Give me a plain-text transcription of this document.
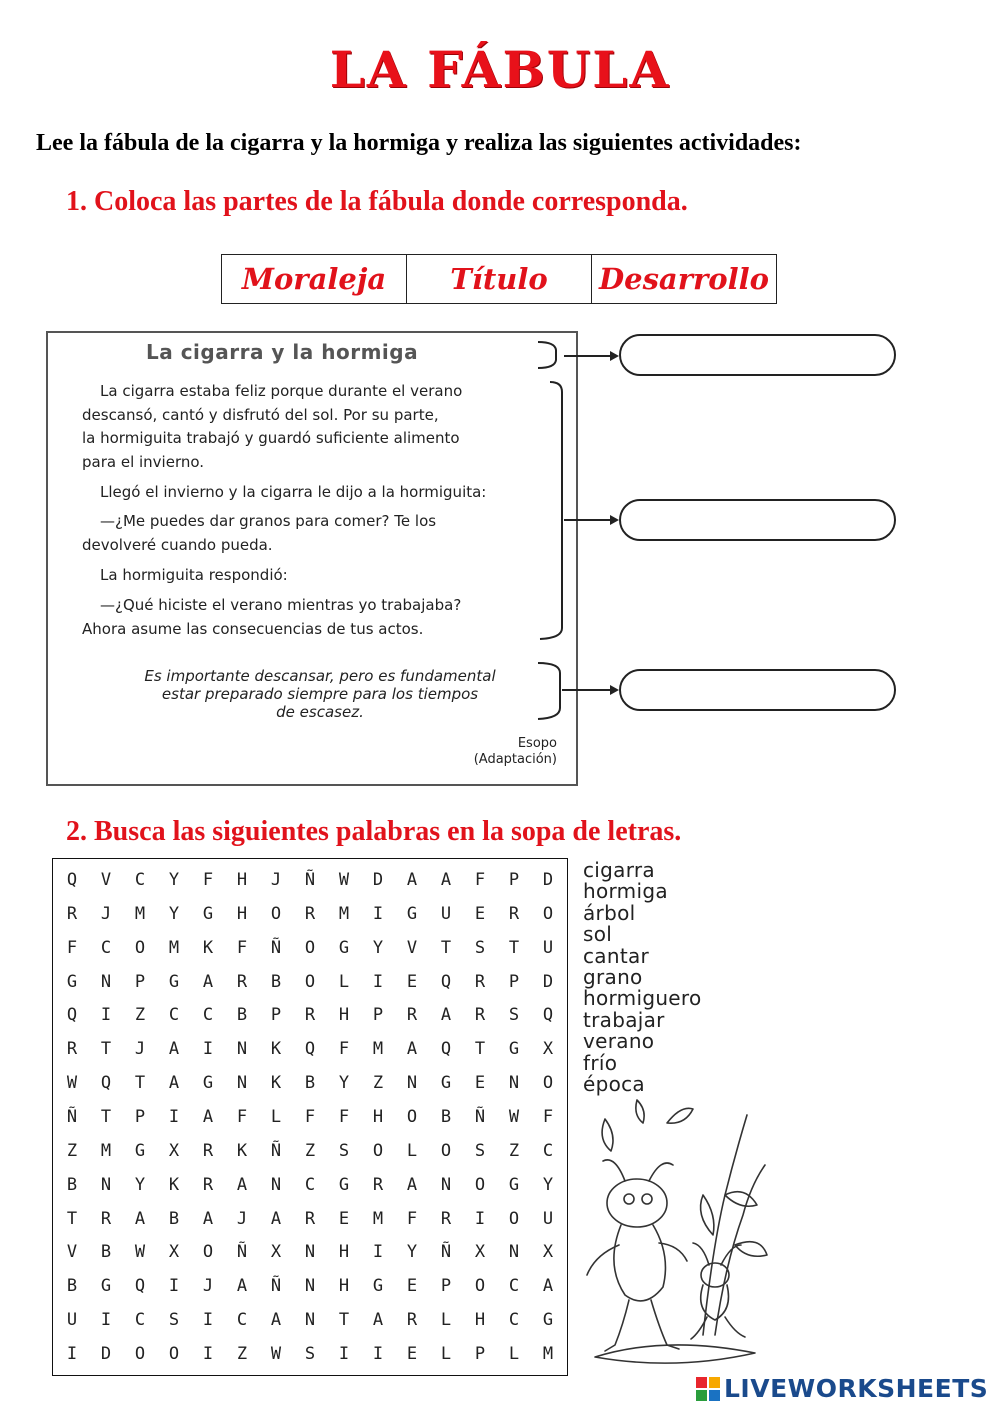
LA FÁBULA
Lee la fábula de la cigarra y la hormiga y realiza las siguientes actividades:
1. Coloca las partes de la fábula donde corresponda.
Moraleja	Título	Desarrollo
La cigarra y la hormiga
La cigarra estaba feliz porque durante el verano
descansó, cantó y disfrutó del sol. Por su parte,
la hormiguita trabajó y guardó suficiente alimento
para el invierno.
Llegó el invierno y la cigarra le dijo a la hormiguita:
—¿Me puedes dar granos para comer? Te los
devolveré cuando pueda.
La hormiguita respondió:
—¿Qué hiciste el verano mientras yo trabajaba?
Ahora asume las consecuencias de tus actos.
Es importante descansar, pero es fundamental
estar preparado siempre para los tiempos
de escasez.
Esopo
(Adaptación)
2. Busca las siguientes palabras en la sopa de letras.
Q	V	C	Y	F	H	J	Ñ	W	D	A	A	F	P	D
R	J	M	Y	G	H	O	R	M	I	G	U	E	R	O
F	C	O	M	K	F	Ñ	O	G	Y	V	T	S	T	U
G	N	P	G	A	R	B	O	L	I	E	Q	R	P	D
Q	I	Z	C	C	B	P	R	H	P	R	A	R	S	Q
R	T	J	A	I	N	K	Q	F	M	A	Q	T	G	X
W	Q	T	A	G	N	K	B	Y	Z	N	G	E	N	O
Ñ	T	P	I	A	F	L	F	F	H	O	B	Ñ	W	F
Z	M	G	X	R	K	Ñ	Z	S	O	L	O	S	Z	C
B	N	Y	K	R	A	N	C	G	R	A	N	O	G	Y
T	R	A	B	A	J	A	R	E	M	F	R	I	O	U
V	B	W	X	O	Ñ	X	N	H	I	Y	Ñ	X	N	X
B	G	Q	I	J	A	Ñ	N	H	G	E	P	O	C	A
U	I	C	S	I	C	A	N	T	A	R	L	H	C	G
I	D	O	O	I	Z	W	S	I	I	E	L	P	L	M
cigarra
hormiga
árbol
sol
cantar
grano
hormiguero
trabajar
verano
frío
época
LIVEWORKSHEETS
